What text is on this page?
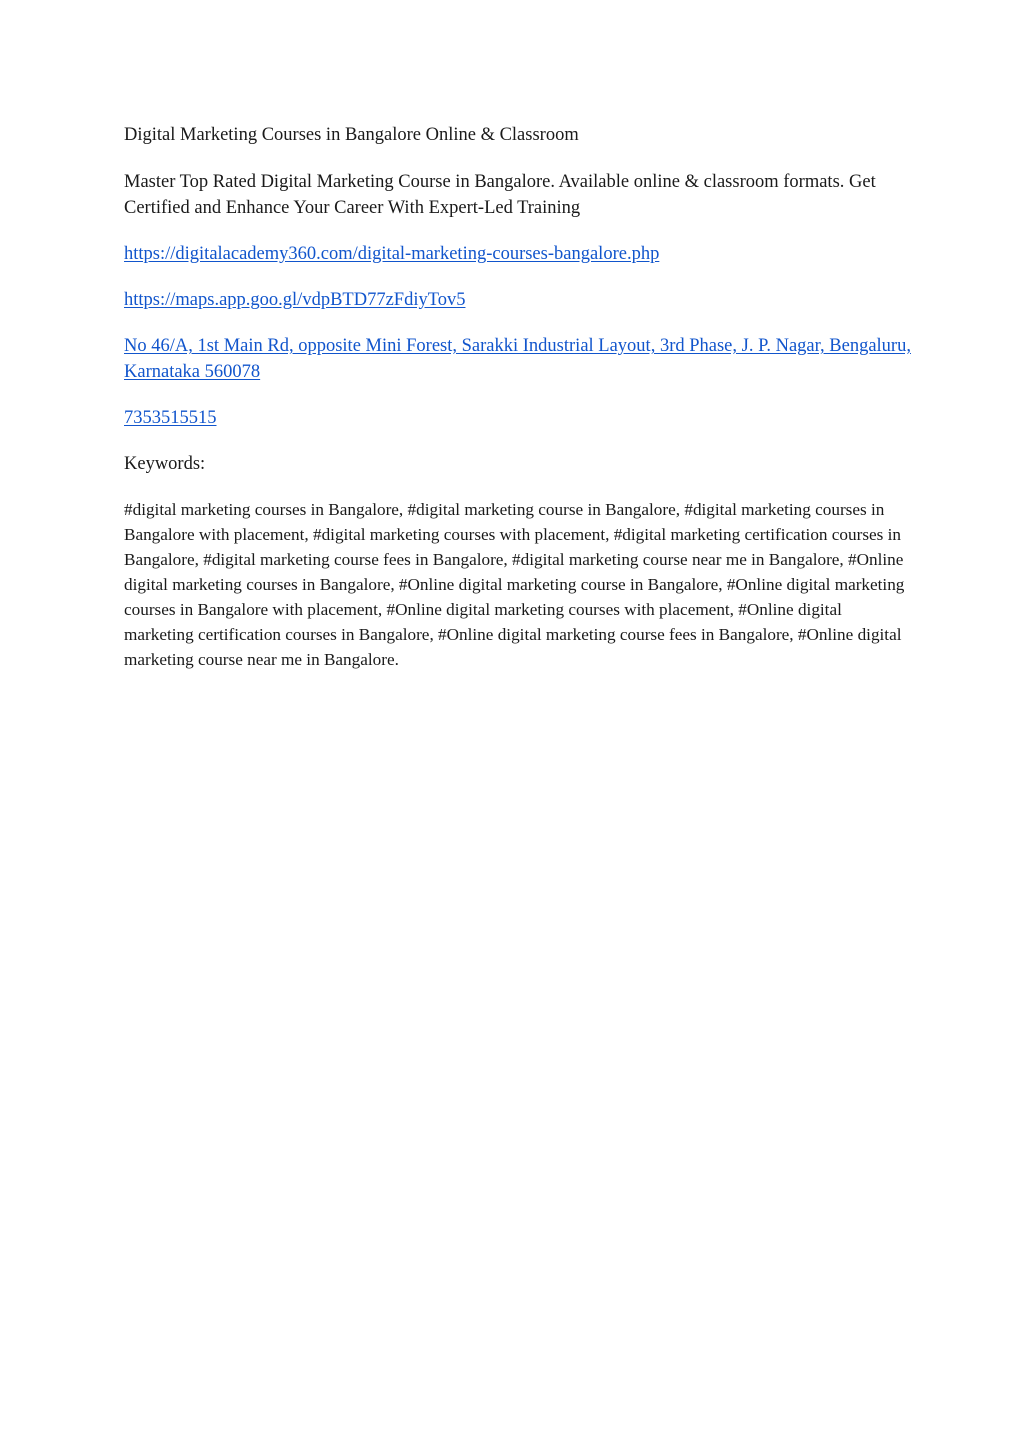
Digital Marketing Courses in Bangalore Online & Classroom

Master Top Rated Digital Marketing Course in Bangalore. Available online & classroom formats. Get Certified and Enhance Your Career With Expert-Led Training

https://digitalacademy360.com/digital-marketing-courses-bangalore.php

https://maps.app.goo.gl/vdpBTD77zFdiyTov5

No 46/A, 1st Main Rd, opposite Mini Forest, Sarakki Industrial Layout, 3rd Phase, J. P. Nagar, Bengaluru, Karnataka 560078

7353515515

Keywords:

#digital marketing courses in Bangalore, #digital marketing course in Bangalore, #digital marketing courses in Bangalore with placement, #digital marketing courses with placement, #digital marketing certification courses in Bangalore, #digital marketing course fees in Bangalore, #digital marketing course near me in Bangalore, #Online digital marketing courses in Bangalore, #Online digital marketing course in Bangalore, #Online digital marketing courses in Bangalore with placement, #Online digital marketing courses with placement, #Online digital marketing certification courses in Bangalore, #Online digital marketing course fees in Bangalore, #Online digital marketing course near me in Bangalore.
